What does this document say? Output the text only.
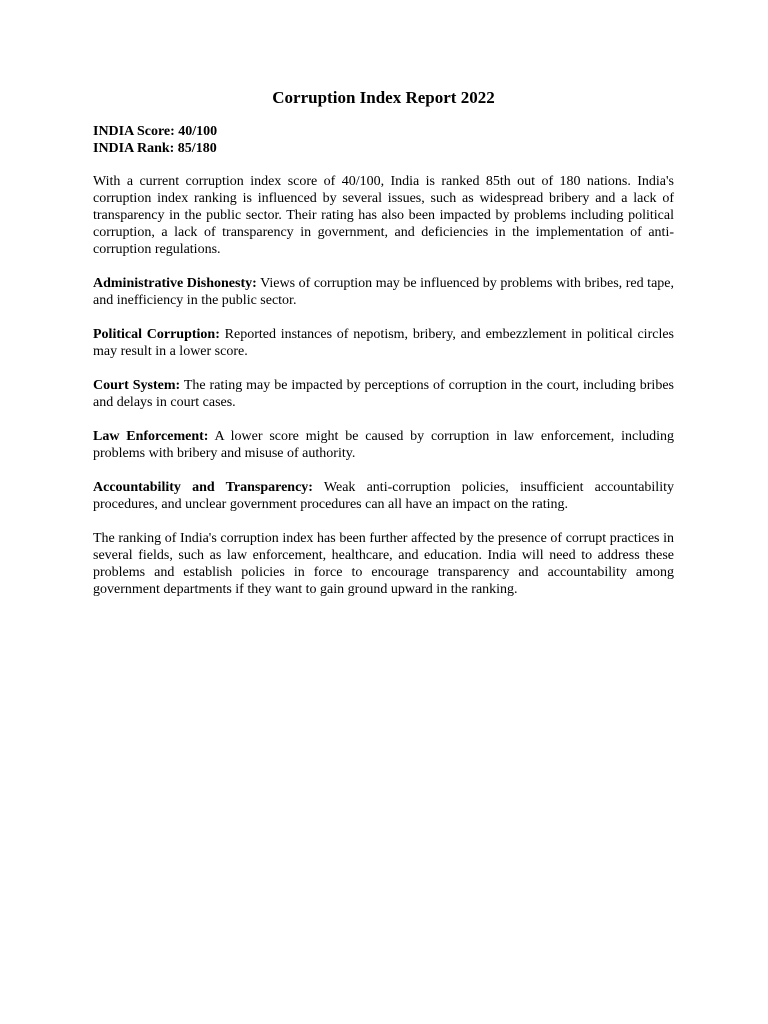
Corruption Index Report 2022
INDIA Score: 40/100
INDIA Rank: 85/180

With a current corruption index score of 40/100, India is ranked 85th out of 180 nations. India's corruption index ranking is influenced by several issues, such as widespread bribery and a lack of transparency in the public sector. Their rating has also been impacted by problems including political corruption, a lack of transparency in government, and deficiencies in the implementation of anti-corruption regulations.

Administrative Dishonesty: Views of corruption may be influenced by problems with bribes, red tape, and inefficiency in the public sector.

Political Corruption: Reported instances of nepotism, bribery, and embezzlement in political circles may result in a lower score.

Court System: The rating may be impacted by perceptions of corruption in the court, including bribes and delays in court cases.

Law Enforcement: A lower score might be caused by corruption in law enforcement, including problems with bribery and misuse of authority.

Accountability and Transparency: Weak anti-corruption policies, insufficient accountability procedures, and unclear government procedures can all have an impact on the rating.

The ranking of India's corruption index has been further affected by the presence of corrupt practices in several fields, such as law enforcement, healthcare, and education. India will need to address these problems and establish policies in force to encourage transparency and accountability among government departments if they want to gain ground upward in the ranking.
